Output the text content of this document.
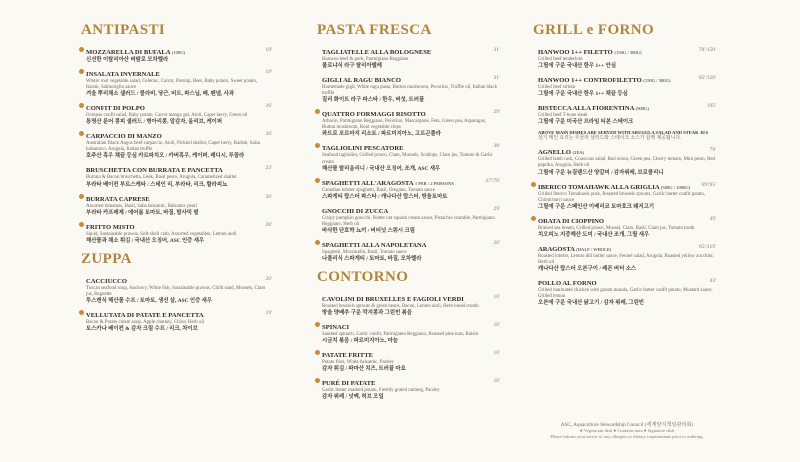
ANTIPASTI
MOZZARELLA DI BUFALA (100G)	19'
신선한 이탈리아산 버팔로 모차렐라
INSALATA INVERNALE	19'
Winter root vegetable salad, Celeriac, Carrot, Parsnip, Beet, Baby potato, Sweet potato, Raisin, Salmoriglio sauce
겨울 뿌리채소 샐러드 / 콜라비, 당근, 비트, 파스닙, 배, 펜넬, 사과
CONFIT DI POLPO	26'
Octopus confit salad, Baby potato, Carrot mango gel, Aioli, Caper berry, Green oil
통영산 문어 콩피 샐러드 / 병아리콩, 알감자, 올리브, 케이퍼
CARPACCIO DI MANZO	26'
Australian Black Angus beef carpaccio, Aioli, Pickled shallot, Caper berry, Radish, Salsa balsamico, Arugula, Italian truffle
호주산 흑우 채끝 등심 카르파치오 / 카버흑우, 케이퍼, 래디시, 루꼴라
BRUSCHETTA CON BURRATA E PANCETTA	23'
Burrata & Bacon bruschetta, Leek, Basil pesto, Arugula, Caramelized shallot
부라타 베이컨 부르스케타 / 스테인 리, 부라타, 리크, 할라피뇨
BURRATA CAPRESE	26'
Assorted tomatoes, Basil, Saba balsamic, Balsamic pearl
부라타 카프레제 / 에어룸 토마토, 바질, 발사믹 펄
FRITTO MISTO	28'
Squid, Sustainable prawns, Soft-shell crab, Assorted vegetables, Lemon aioli
해산물과 채소 튀김 / 국내산 오징어, ASC 인증 새우
ZUPPA
CACCIUCCO	26'
Tuscan seafood soup, Anchovy, White fish, Sustainable prawns, Chilli sand, Mussels, Clam jus, Baguette
투스캔식 해산물 수프 / 토마토, 생선 살, ASC 인증 새우
VELLUTATA DI PATATE E PANCETTA	19'
Bacon & Potato cream soup, Apple chutney, Chive, Herb oil
토스카나 베이컨 & 감자 크림 수프 / 리크, 차이브
PASTA FRESCA
TAGLIATELLE ALLA BOLOGNESE	31'
Hanwoo beef & pork, Parmigiano Reggiano
볼로냐식 라구 탈리아텔레
GIGLI AL RAGU BIANCO	31'
Homemade gigli, White ragu pasta, Button mushroom, Pecorino, Truffle oil, Italian black truffle
질리 화이트 라구 파스타 / 한우, 버섯, 트러플
QUATTRO FORMAGGI RISOTTO	29'
Arborio, Parmigiano Reggiano, Pecorino, Mascarpone, Feta, Green pea, Asparagus, Button mushroom, Root vegetable chips
콰트로 포르마지 리소토 / 파르미지아노, 고르곤졸라
TAGLIOLINI PESCATORE	38'
Seafood tagliolini, Grilled prawn, Clam, Mussels, Scallops, Clam jus, Tomato & Garlic cream
해산물 탈리올리니 / 국내산 오징어, 조개, ASC 새우
SPAGHETTI ALL'ARAGOSTA 1 PER / 2 PERSONS	27'/76'
Canadian lobster spaghetti, Basil, Oregano, Tomato sauce
스파게티 랍스터 파스타 / 캐나다산 랍스터, 방울토마토
GNOCCHI DI ZUCCA	29'
Crispy pumpkin gnocchi, Butter nut squash cream sauce, Pistachio crumble, Parmigiano Reggiano, Herb oil
바삭한 단호박 뇨끼 / 버터넛 스쿼시 크림
SPAGHETTI ALLA NAPOLETANA	26'
Spaghetti, Mozzarella, Basil, Tomato sauce
나폴리식 스파게티 / 토마토, 바질, 모차렐라
CONTORNO
CAVOLINI DI BRUXELLES E FAGIOLI VERDI	16'
Roasted brussels sprouts & green beans, Bacon, Lemon aioli, Herb bread crumb
방울 양배추 구운 깍지콩과 그린빈 볶음
SPINACI	16'
Sautéed spinach, Garlic confit, Parmigiano Reggiano, Roasted pine nuts, Raisin
시금치 볶음 / 파르미지아노, 마늘
PATATE FRITTE	16'
Potato fries, White balsamic, Parsley
감자 튀김 / 파마산 치즈, 트러플 마요
PURÉ DI PATATE	16'
Garlic butter mashed potato, Freshly grated nutmeg, Parsley
감자 퓌레 / 넛맥, 허브 오일
GRILL e FORNO
HANWOO 1++ FILETTO (150G / 300G)	78'/150'
Grilled beef tenderloin
그릴에 구운 국내산 한우 1++ 안심
HANWOO 1++ CONTROFILETTO (150G / 300G)	65'/120'
Grilled beef sirloin
그릴에 구운 국내산 한우 1++ 채끝 등심
BISTECCA ALLA FIORENTINA (900G)	195'
Grilled beef T-bone steak
그릴에 구운 미국산 프라임 티본 스테이크
ABOVE MAIN DISHES ARE SERVED WITH ARUGULA SALAD AND STEAK JUS
상기 메인 요리는 루꼴라 샐러드와 스테이크 소스가 함께 제공됩니다.
AGNELLO (2EA)	79'
Grilled lamb rack, Couscous salad, Red onion, Green pea, Cherry tomato, Mint pesto, Red paprika, Arugula, Herb oil
그릴에 구운 뉴질랜드산 양갈비 / 감자퓌레, 브로콜리니
IBERICO TOMAHAWK ALLA GRIGLIA (500G / 1000G) 69'/95'
Grilled Iberico Tomahawk pork, Roasted brussels sprouts, Garlic butter confit potato, Chimichurri sauce
그릴에 구운 스페인산 이베리코 토마호크 돼지고기
ORATA DI CIOPPINO	49'
Braised sea bream, Grilled prawn, Mussel, Clam, Basil, Clam jus, Tomato broth
치오피노 지중해산 도미 / 국내산 조개, 그릴 새우
ARAGOSTA (HALF / WHOLE)	65'/119'
Roasted lobster, Lemon dill butter sauce, Fennel salad, Arugula, Roasted yellow zucchini, Herb oil
캐나다산 랍스터 오븐구이 / 레몬 버터 소스
POLLO AL FORNO	43'
Grilled marinated chicken with garam masala, Garlic butter confit potato, Mustard sauce, Grilled lemon
오븐에 구운 국내산 닭고기 / 감자 퓌레, 그린빈
ASC, Aquaculture Stewardship Council (세계양식책임관리회)
● Vegetarian dish ● Contains nuts ● Signature dish
Please inform your server of any allergies or dietary requirements prior to ordering.
